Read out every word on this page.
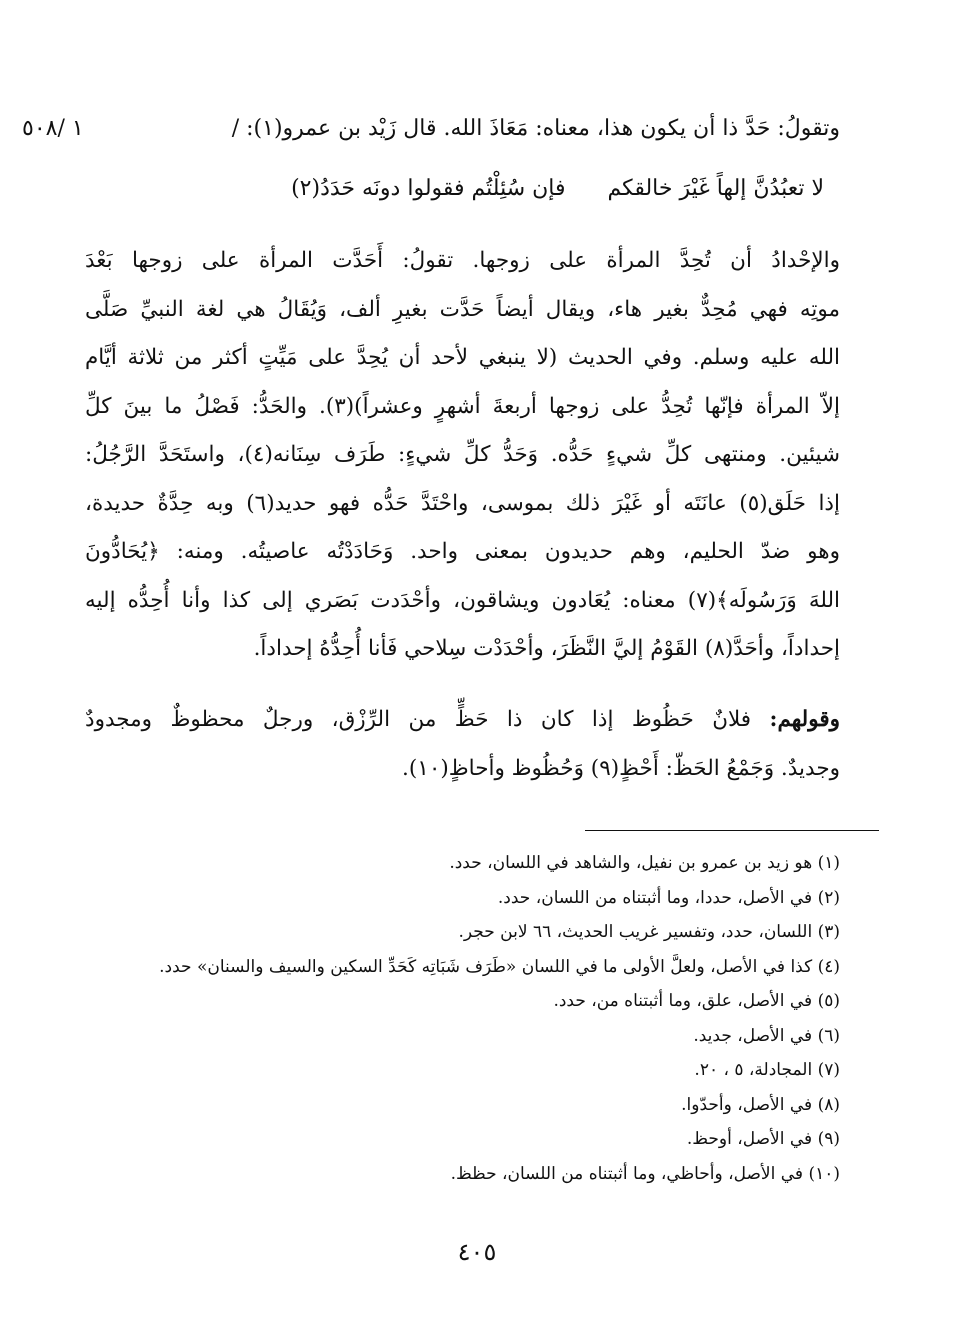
١ /٥٠٨	وتقولُ: حَدَّ ذا أن يكون هذا، معناه: مَعَاذَ الله. قال زَيْد بن عمرو(١): /
لا تعبُدُنَّ إلهاً غَيْرَ خالقكم
فإن سُئِلْتُم فقولوا دونَه حَدَدُ(٢)
والإحْدادُ أن تُحِدَّ المرأة على زوجها. تقولُ: أَحَدَّت المرأة على زوجها بَعْدَ
موتِه فهي مُحِدٌّ بغير هاء، ويقال أيضاً حَدَّت بغيرِ ألف، وَيُقَالُ هي لغة النبيِّ صَلَّى
الله عليه وسلم. وفي الحديث (لا ينبغي لأحد أن يُحِدَّ على مَيِّتٍ أكثر من ثلاثة أيَّام
إلاّ المرأة فإنّها تُحِدُّ على زوجها أربعةَ أشهرٍ وعشراً)(٣). والحَدُّ: فَصْلُ ما بينَ كلِّ
شيئين. ومنتهى كلِّ شيءٍ حَدُّه. وَحَدُّ كلِّ شيءٍ: طَرَف سِنَانه(٤)، واستَحَدَّ الرَّجُلُ:
إذا حَلَق(٥) عانَتَه أو غَيْرَ ذلك بموسى، واحْتَدَّ حَدُّه فهو حديد(٦) وبه حِدَّةٌ حديدة،
وهو ضدّ الحليم، وهم حديدون بمعنى واحد. وَحَادَدْتُه عاصيتُه. ومنه: ﴿يُحَادُّونَ
اللهَ وَرَسُولَه﴾(٧) معناه: يُعَادون ويشاقون، وأحْدَدت بَصَري إلى كذا وأنا أُحِدُّه إليه
إحداداً، وأحَدَّ(٨) القَوْمُ إليَّ النَّظَرَ، وأحْدَدْت سِلاحي فَأنا أُحِدُّهُ إحداداً.
وقولهم: فلانٌ حَظُوظ إذا كان ذا حَظٍّ من الرِّزْق، ورجلٌ محظوظٌ ومجدودٌ
وجديدٌ. وَجَمْعُ الحَظّ: أَحْظٍ(٩) وَحُظُوظ وأحاظٍ(١٠).
(١) هو زيد بن عمرو بن نفيل، والشاهد في اللسان، حدد.
(٢) في الأصل، حددا، وما أثبتناه من اللسان، حدد.
(٣) اللسان، حدد، وتفسير غريب الحديث، ٦٦ لابن حجر.
(٤) كذا في الأصل، ولعلَّ الأولى ما في اللسان «طَرَف شَبَاتِه كَحَدِّ السكين والسيف والسنان» حدد.
(٥) في الأصل، علق، وما أثبتناه من، حدد.
(٦) في الأصل، جديد.
(٧) المجادلة، ٥ ، ٢٠.
(٨) في الأصل، وأحدّوا.
(٩) في الأصل، أوحظ.
(١٠) في الأصل، وأحاظي، وما أثبتناه من اللسان، حظظ.
٤٠٥
